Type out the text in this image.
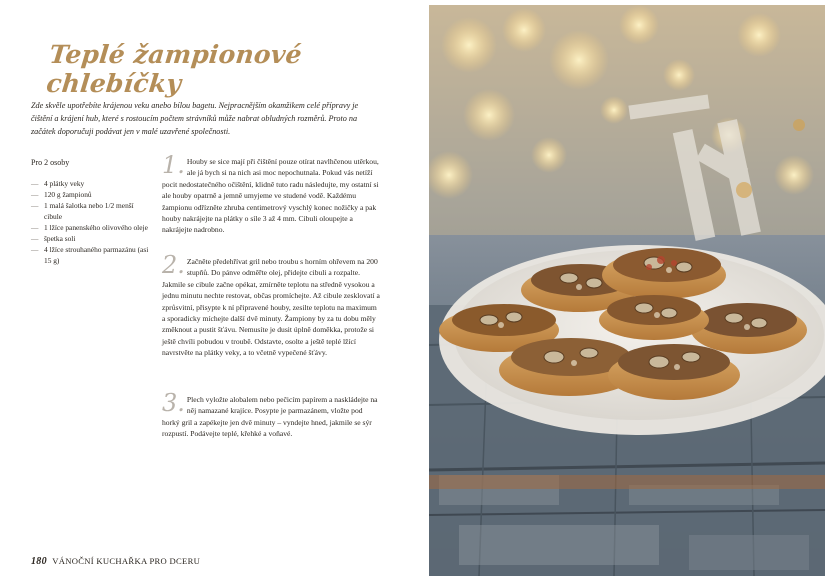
Teplé žampionové chlebíčky

Zde skvěle upotřebíte krájenou veku anebo bílou bagetu. Nejpracnějším okamžikem celé přípravy je čištění a krájení hub, které s rostoucím počtem strávníků může nabrat obludných rozměrů. Proto na začátek doporučuji podávat jen v malé uzavřené společnosti.

Pro 2 osoby
— 4 plátky veky
— 120 g žampionů
— 1 malá šalotka nebo 1/2 menší cibule
— 1 lžíce panenského olivového oleje
— špetka soli
— 4 lžíce strouhaného parmazánu (asi 15 g)
1. Houby se sice mají při čištění pouze otírat navlhčenou utěrkou, ale já bych si na nich asi moc nepochutnala. Pokud vás netíží pocit nedostatečného očištění, klidně tuto radu následujte, my ostatní si ale houby opatrně a jemně umyjeme ve studené vodě. Každému žampionu odřízněte zhruba centimetrový vyschlý konec nožičky a pak houby nakrájejte na plátky o síle 3 až 4 mm. Cibuli oloupejte a nakrájejte nadrobno.
2. Začněte předehřívat gril nebo troubu s horním ohřevem na 200 stupňů. Do pánve odměřte olej, přidejte cibuli a rozpalte. Jakmile se cibule začne opékat, zmírněte teplotu na středně vysokou a jednu minutu nechte restovat, občas promíchejte. Až cibule zesklovatí a zprůsvitní, přisypte k ní připravené houby, zesilte teplotu na maximum a sporadicky míchejte další dvě minuty. Žampiony by za tu dobu měly změknout a pustit šťávu. Nemusíte je dusit úplně doměkka, protože si ještě chvíli pobudou v troubě. Odstavte, osolte a ještě teplé lžící navrstvěte na plátky veky, a to včetně vypečené šťávy.
3. Plech vyložte alobalem nebo pečicím papírem a naskládejte na něj namazané krajíce. Posypte je parmazánem, vložte pod horký gril a zapékejte jen dvě minuty – vyndejte hned, jakmile se sýr rozpustí. Podávejte teplé, křehké a voňavé.
180 VÁNOČNÍ KUCHAŘKA PRO DCERU
